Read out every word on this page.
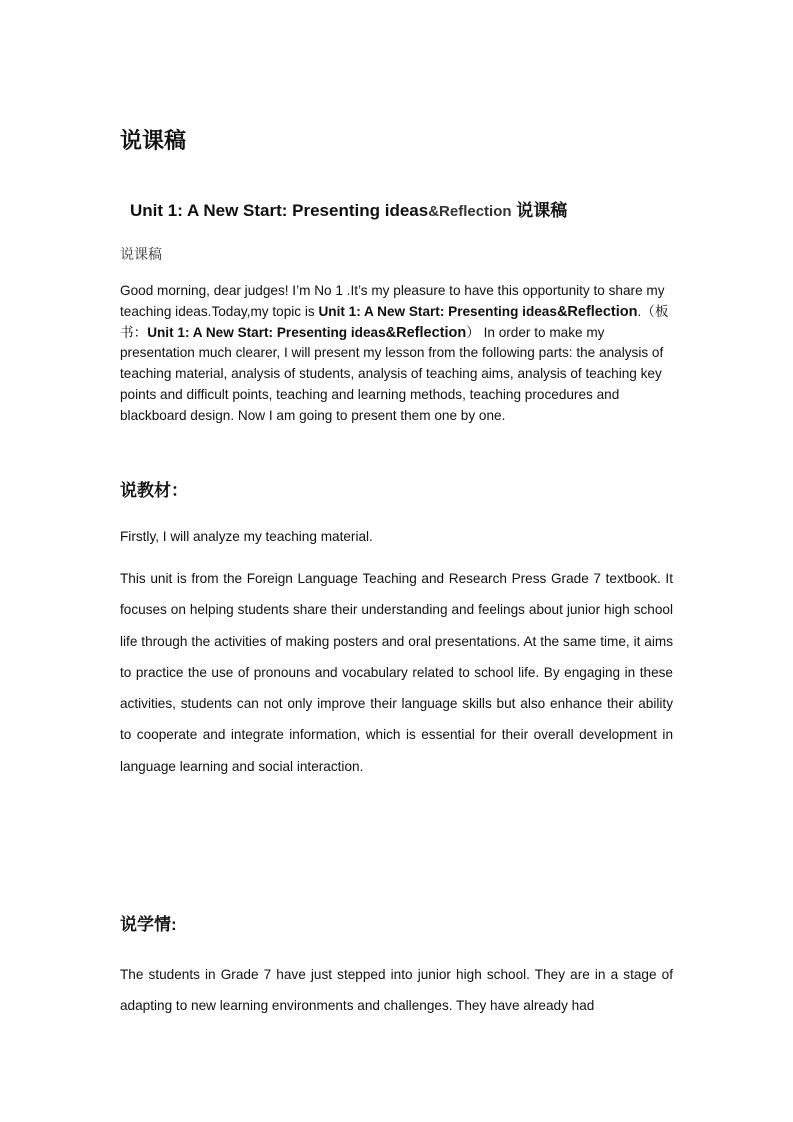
说课稿
Unit 1: A New Start: Presenting ideas&Reflection 说课稿

说课稿

Good morning, dear judges! I’m No 1 .It’s my pleasure to have this opportunity to share my teaching ideas.Today,my topic is Unit 1: A New Start: Presenting ideas&Reflection.（板书：Unit 1: A New Start: Presenting ideas&Reflection） In order to make my presentation much clearer, I will present my lesson from the following parts: the analysis of teaching material, analysis of students, analysis of teaching aims, analysis of teaching key points and difficult points, teaching and learning methods, teaching procedures and blackboard design. Now I am going to present them one by one.

说教材：

Firstly, I will analyze my teaching material.

This unit is from the Foreign Language Teaching and Research Press Grade 7 textbook. It focuses on helping students share their understanding and feelings about junior high school life through the activities of making posters and oral presentations. At the same time, it aims to practice the use of pronouns and vocabulary related to school life. By engaging in these activities, students can not only improve their language skills but also enhance their ability to cooperate and integrate information, which is essential for their overall development in language learning and social interaction.

说学情:

The students in Grade 7 have just stepped into junior high school. They are in a stage of adapting to new learning environments and challenges. They have already had
